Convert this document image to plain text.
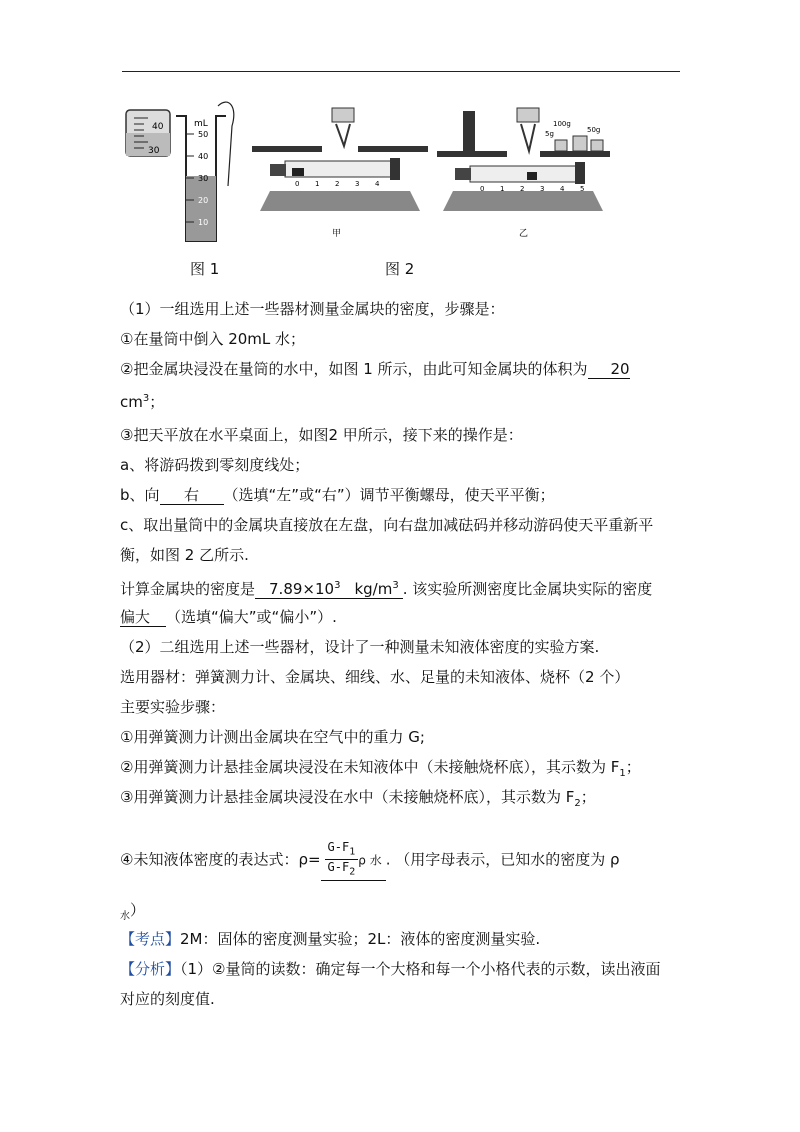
40
30
mL
50
40
30
20
10
0 1 2 3 4
甲
100g
50g
5g
0 1 2 3 4 5
乙
图 1	图 2
（1）一组选用上述一些器材测量金属块的密度，步骤是：
①在量筒中倒入 20mL 水；
②把金属块浸没在量筒的水中，如图 1 所示，由此可知金属块的体积为 20
$cm^3$；
③把天平放在水平桌面上，如图2 甲所示，接下来的操作是：
a、将游码拨到零刻度线处；
b、向 右 （选填“左”或“右”）调节平衡螺母，使天平平衡；
c、取出量筒中的金属块直接放在左盘，向右盘加减砝码并移动游码使天平重新平
衡，如图 2 乙所示.
计算金属块的密度是 $7.89\times 10^3$ $kg/m^3$ . 该实验所测密度比金属块实际的密度
偏大 （选填“偏大”或“偏小”）.
（2）二组选用上述一些器材，设计了一种测量未知液体密度的实验方案.
选用器材：弹簧测力计、金属块、细线、水、足量的未知液体、烧杯（2 个）
主要实验步骤：
①用弹簧测力计测出金属块在空气中的重力 G;
②用弹簧测力计悬挂金属块浸没在未知液体中（未接触烧杯底），其示数为 $F_1$；
③用弹簧测力计悬挂金属块浸没在水中（未接触烧杯底），其示数为 $F_2$；
④未知液体密度的表达式：$\rho= \frac{G-F_1}{G-F_2}$ ρ 水 . （用字母表示，已知水的密度为 ρ
$_水$）
【考点】2M：固体的密度测量实验；2L：液体的密度测量实验.
【分析】（1）②量筒的读数：确定每一个大格和每一个小格代表的示数，读出液面
对应的刻度值.
